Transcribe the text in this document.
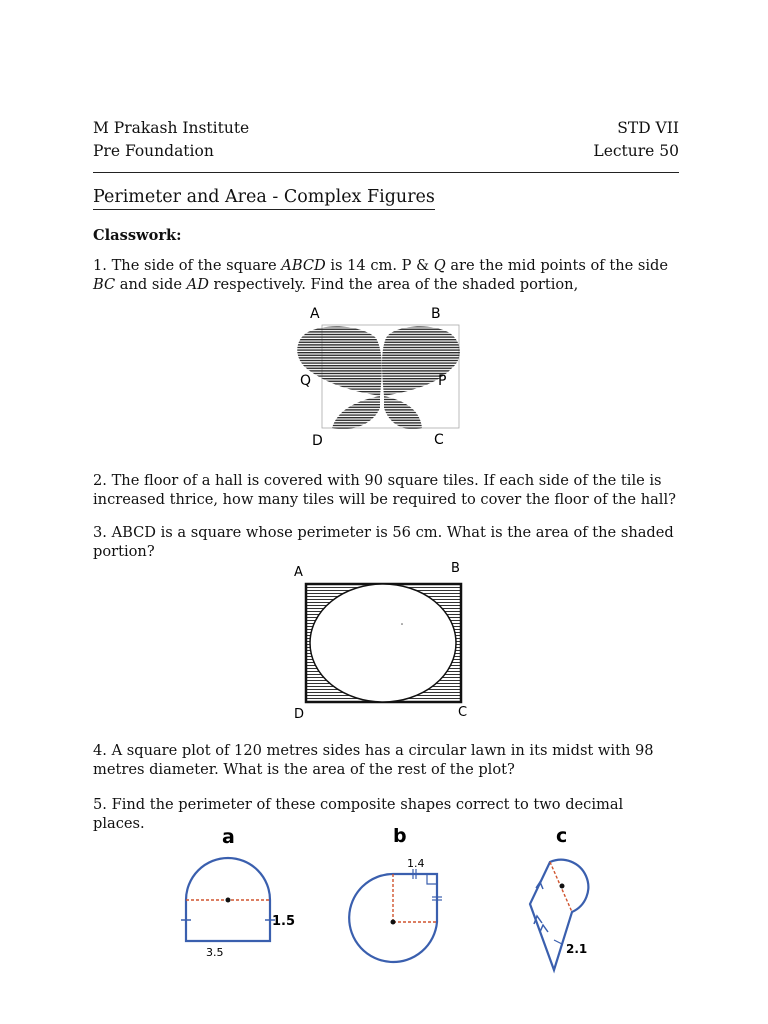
M Prakash Institute	STD VII
Pre Foundation	Lecture 50
Perimeter and Area - Complex Figures
Classwork:
1. The side of the square ABCD is 14 cm. P & Q are the mid points of the side BC and side AD respectively. Find the area of the shaded portion,
A	B
Q	P
D	C
2. The floor of a hall is covered with 90 square tiles. If each side of the tile is increased thrice, how many tiles will be required to cover the floor of the hall?
3. ABCD is a square whose perimeter is 56 cm. What is the area of the shaded portion?
A	B
D	C
4. A square plot of 120 metres sides has a circular lawn in its midst with 98 metres diameter. What is the area of the rest of the plot?
5. Find the perimeter of these composite shapes correct to two decimal places.
a
1.5
3.5
b
1.4
c
2.1
